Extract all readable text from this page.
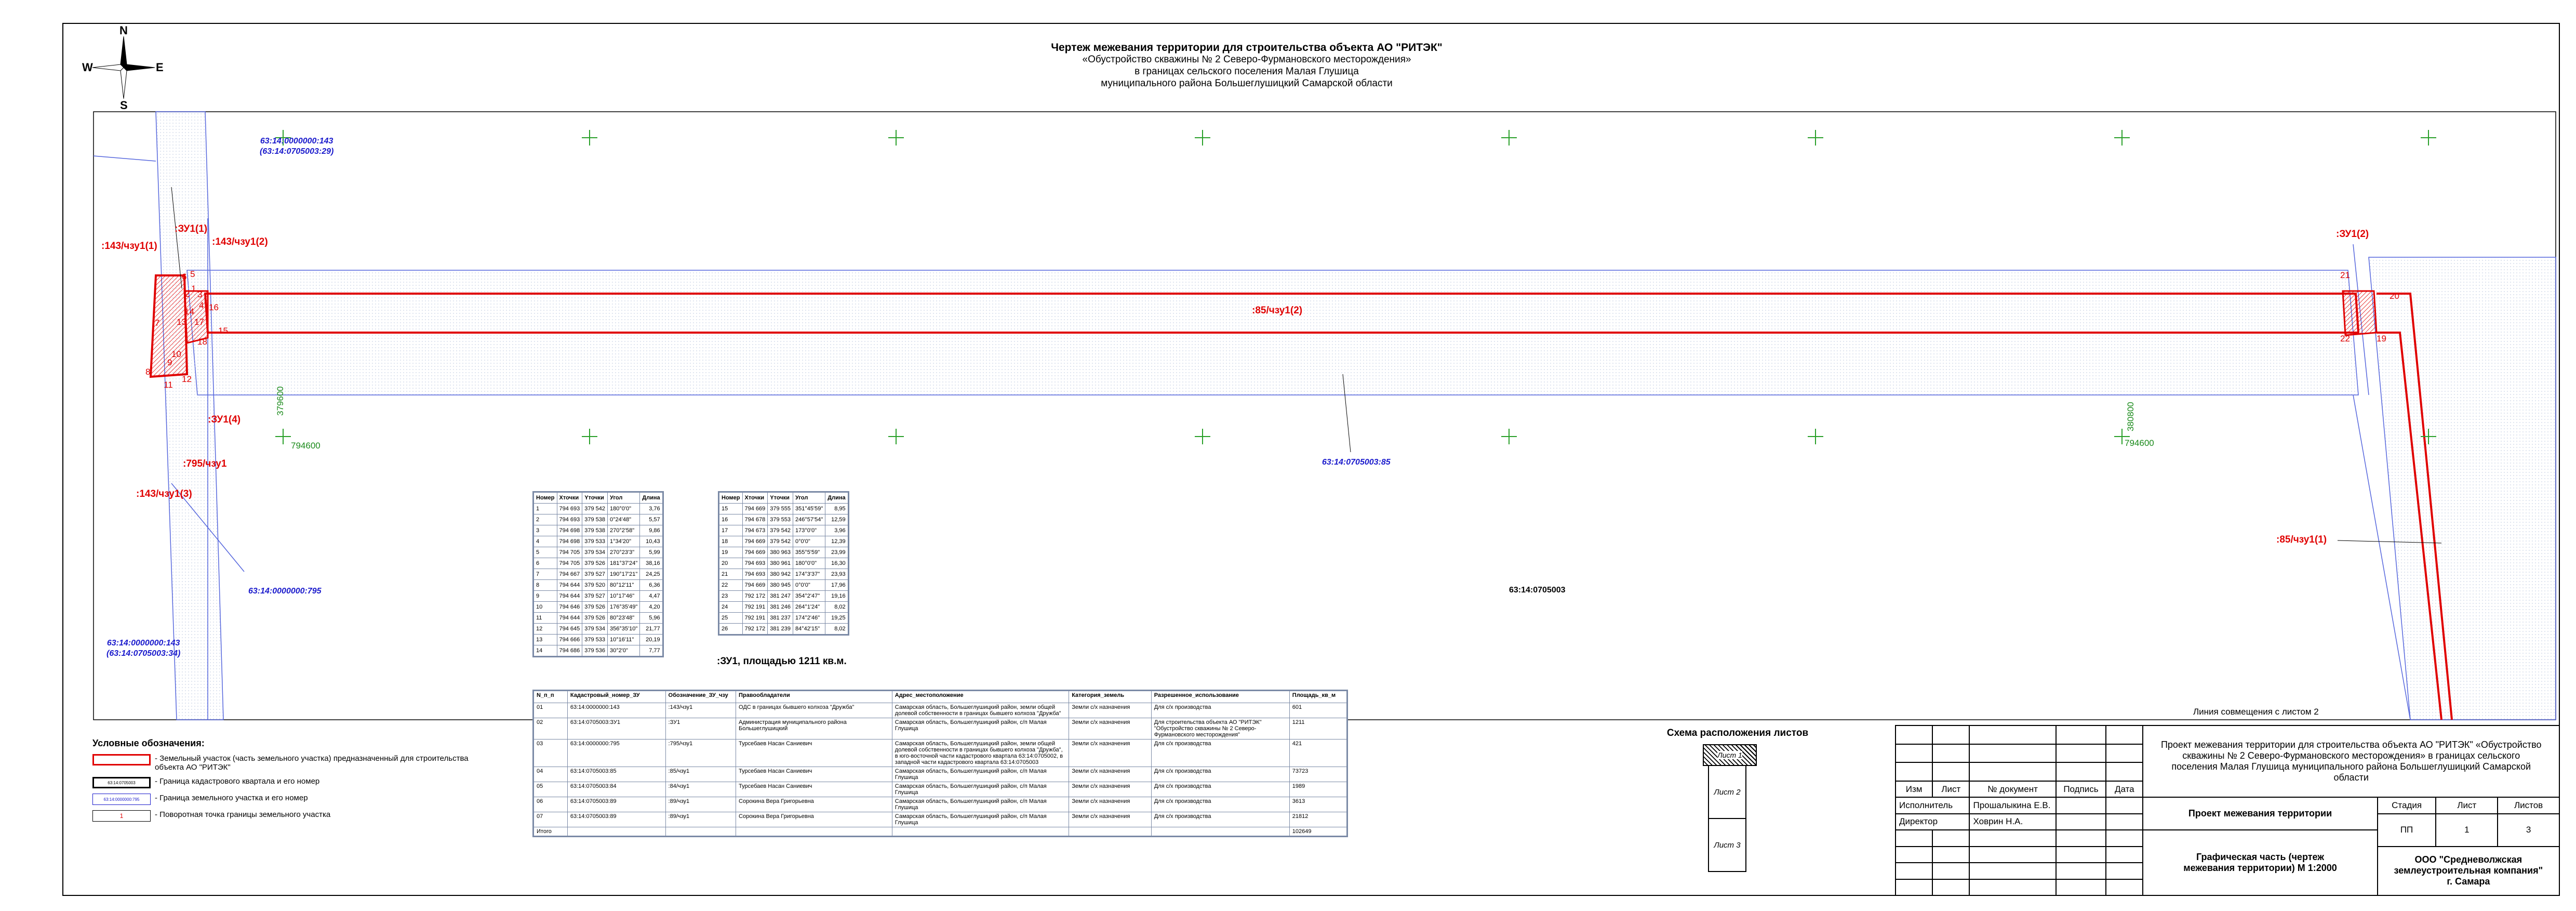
N
S
W	E
Чертеж межевания территории для строительства объекта АО "РИТЭК"
«Обустройство скважины № 2 Северо-Фурмановского месторождения»
в границах сельского поселения Малая Глушица
муниципального района Большеглушицкий Самарской области
63:14:0000000:143
(63:14:0705003:29)
63:14:0000000:795
63:14:0000000:143
(63:14:0705003:34)
63:14:0705003:85
63:14:0705003
:143/чзу1(1)
:ЗУ1(1)
:143/чзу1(2)
:ЗУ1(4)
:795/чзу1
:143/чзу1(3)
:85/чзу1(2)
:ЗУ1(2)
:85/чзу1(1)
1
2 3
4
5
6
7
8
9
10
11
12
13
14
15
16
17
18	19
20
21
22
379600
794600
380800
794600
Номер	Xточки	Yточки	Угол	Длина
1	794 693	379 542	180°0'0"	3,76
2	794 693	379 538	0°24'48"	5,57
3	794 698	379 538	270°2'58"	9,86
4	794 698	379 533	1°34'20"	10,43
5	794 705	379 534	270°23'3"	5,99
6	794 705	379 526	181°37'24"	38,16
7	794 667	379 527	190°17'21"	24,25
8	794 644	379 520	80°12'11"	6,36
9	794 644	379 527	10°17'46"	4,47
10	794 646	379 526	176°35'49"	4,20
11	794 644	379 526	80°23'48"	5,96
12	794 645	379 534	356°35'10"	21,77
13	794 666	379 533	10°16'11"	20,19
14	794 686	379 536	30°2'0"	7,77
Номер	Xточки	Yточки	Угол	Длина
15	794 669	379 555	351°45'59"	8,95
16	794 678	379 553	246°57'54"	12,59
17	794 673	379 542	173°0'0"	3,96
18	794 669	379 542	0°0'0"	12,39
19	794 669	380 963	355°5'59"	23,99
20	794 693	380 961	180°0'0"	16,30
21	794 693	380 942	174°3'37"	23,93
22	794 669	380 945	0°0'0"	17,96
23	792 172	381 247	354°2'47"	19,16
24	792 191	381 246	264°1'24"	8,02
25	792 191	381 237	174°2'46"	19,25
26	792 172	381 239	84°42'15"	8,02
:ЗУ1, площадью 1211 кв.м.
Линия совмещения с листом 2
N_п_п	Кадастровый_номер_ЗУ	Обозначение_ЗУ_чзу	Правообладатели	Адрес_местоположение	Категория_земель	Разрешенное_использование	Площадь_кв_м
01	63:14:0000000:143	:143/чзу1	ОДС в границах бывшего колхоза "Дружба"	Самарская область, Большеглушицкий район, земли общей долевой собственности в границах бывшего колхоза "Дружба"	Земли с/х назначения	Для с/х производства	601
02	63:14:0705003:ЗУ1	:ЗУ1	Администрация муниципального района Большеглушицкий	Самарская область, Большеглушицкий район, с/п Малая Глушица	Земли с/х назначения	Для строительства объекта АО "РИТЭК" "Обустройство скважины № 2 Северо-Фурмановского месторождения"	1211
03	63:14:0000000:795	:795/чзу1	Турсебаев Насан Саниевич	Самарская область, Большеглушицкий район, земли общей долевой собственности в границах бывшего колхоза "Дружба", в юго-восточной части кадастрового квартала 63:14:0705002, в западной части кадастрового квартала 63:14:0705003	Земли с/х назначения	Для с/х производства	421
04	63:14:0705003:85	:85/чзу1	Турсебаев Насан Саниевич	Самарская область, Большеглушицкий район, с/п Малая Глушица	Земли с/х назначения	Для с/х производства	73723
05	63:14:0705003:84	:84/чзу1	Турсебаев Насан Саниевич	Самарская область, Большеглушицкий район, с/п Малая Глушица	Земли с/х назначения	Для с/х производства	1989
06	63:14:0705003:89	:89/чзу1	Сорокина Вера Григорьевна	Самарская область, Большеглушицкий район, с/п Малая Глушица	Земли с/х назначения	Для с/х производства	3613
07	63:14:0705003:89	:89/чзу1	Сорокина Вера Григорьевна	Самарская область, Большеглушицкий район, с/п Малая Глушица	Земли с/х назначения	Для с/х производства	21812
Итого							102649
Условные обозначения:
- Земельный участок (часть земельного участка) предназначенный для строительства объекта АО "РИТЭК"
63:14:0705003	- Граница кадастрового квартала и его номер
63:14:0000000:795	- Граница земельного участка и его номер
1	- Поворотная точка границы земельного участка
Схема расположения листов
Лист 1
Лист 2
Лист 3
					Проект межевания территории для строительства объекта АО "РИТЭК" «Обустройство скважины № 2 Северо-Фурмановского месторождения» в границах сельского поселения Малая Глушица муниципального района Большеглушицкий Самарской области			

Изм	Лист	№ документ	Подпись	Дата				
Исполнитель		Прошалыкина Е.В.			Проект межевания территории	Стадия	Лист	Листов
Директор		Ховрин Н.А.				ПП	1	3
					Графическая часть (чертеж межевания территории) М 1:2000			
						ООО "Средневолжская землеустроительная компания" г. Самара		
